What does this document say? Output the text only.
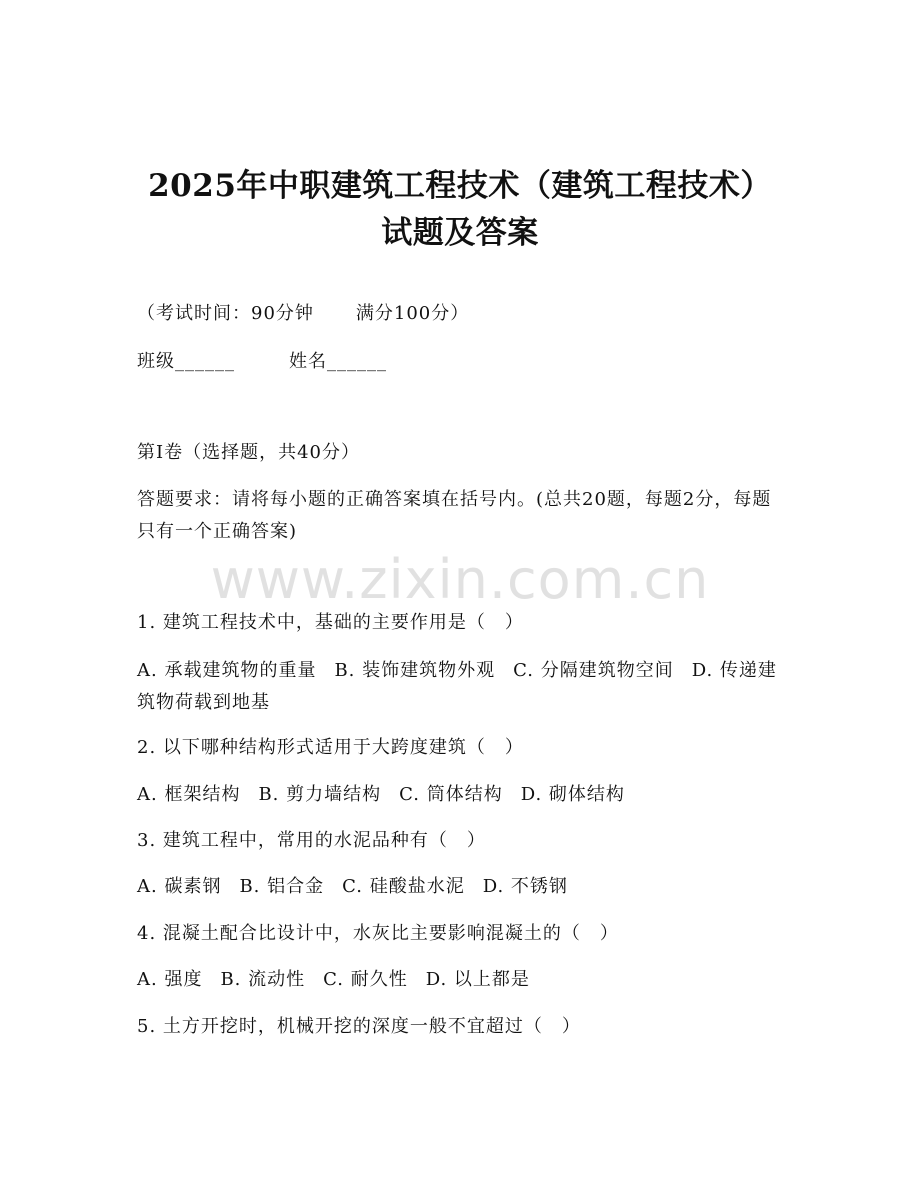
2025年中职建筑工程技术（建筑工程技术）
试题及答案
（考试时间：90分钟 满分100分）
班级______	姓名______
第Ⅰ卷（选择题，共40分）
答题要求：请将每小题的正确答案填在括号内。(总共20题，每题2分，每题只有一个正确答案)
www.zixin.com.cn
1. 建筑工程技术中，基础的主要作用是（　）
A. 承载建筑物的重量 B. 装饰建筑物外观 C. 分隔建筑物空间 D. 传递建筑物荷载到地基
2. 以下哪种结构形式适用于大跨度建筑（　）
A. 框架结构 B. 剪力墙结构 C. 筒体结构 D. 砌体结构
3. 建筑工程中，常用的水泥品种有（　）
A. 碳素钢 B. 铝合金 C. 硅酸盐水泥 D. 不锈钢
4. 混凝土配合比设计中，水灰比主要影响混凝土的（　）
A. 强度 B. 流动性 C. 耐久性 D. 以上都是
5. 土方开挖时，机械开挖的深度一般不宜超过（　）
